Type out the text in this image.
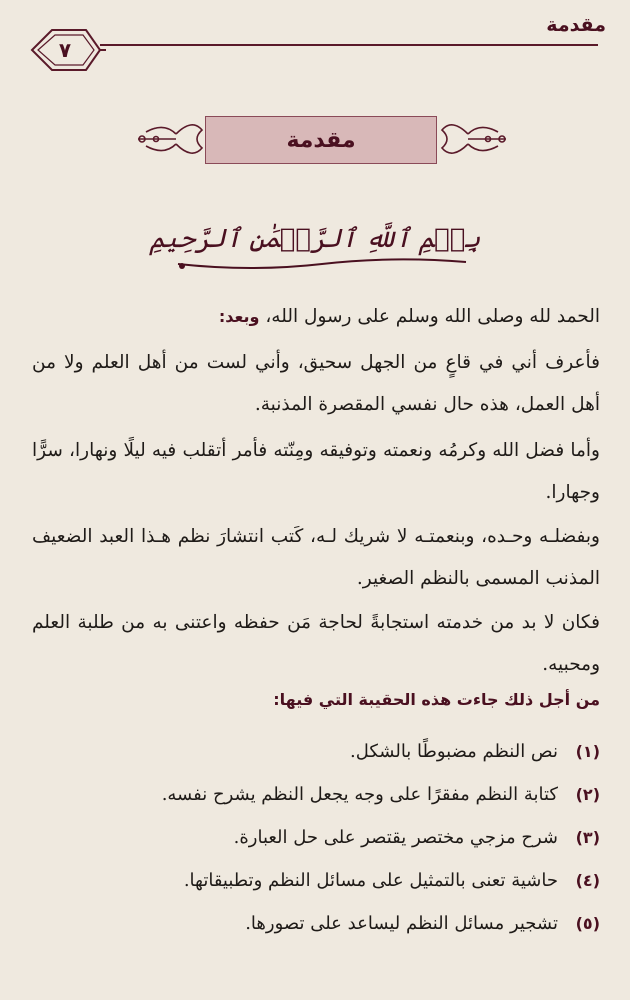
مقدمة
٧
مقدمة
بِسۡمِ ٱللَّهِ ٱلرَّحۡمَٰنِ ٱلرَّحِيمِ
الحمد لله وصلى الله وسلم على رسول الله، وبعد:
فأعرف أني في قاعٍ من الجهل سحيق، وأني لست من أهل العلم ولا من أهل العمل، هذه حال نفسي المقصرة المذنبة.
وأما فضل الله وكرمُه ونعمته وتوفيقه ومِنّته فأمر أتقلب فيه ليلًا ونهارا، سرًّا وجهارا.
وبفضلـه وحـده، وبنعمتـه لا شريك لـه، كَتب انتشارَ نظم هـذا العبد الضعيف المذنب المسمى بالنظم الصغير.
فكان لا بد من خدمته استجابةً لحاجة مَن حفظه واعتنى به من طلبة العلم ومحبيه.
من أجل ذلك جاءت هذه الحقيبة التي فيها:
(١)
نص النظم مضبوطًا بالشكل.
(٢)
كتابة النظم مفقرًا على وجه يجعل النظم يشرح نفسه.
(٣)
شرح مزجي مختصر يقتصر على حل العبارة.
(٤)
حاشية تعنى بالتمثيل على مسائل النظم وتطبيقاتها.
(٥)
تشجير مسائل النظم ليساعد على تصورها.
